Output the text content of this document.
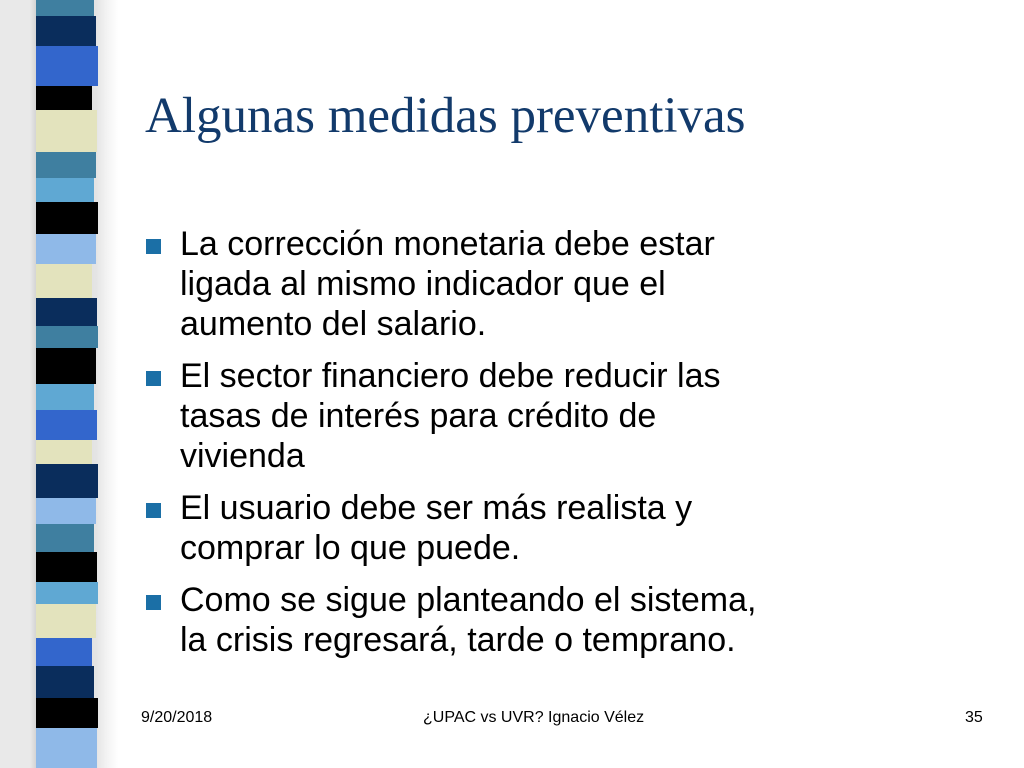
Algunas medidas preventivas
La corrección monetaria debe estar
ligada al mismo indicador que el
aumento del salario.
El sector financiero debe reducir las
tasas de interés para crédito de
vivienda
El usuario debe ser más realista y
comprar lo que puede.
Como se sigue planteando el sistema,
la crisis regresará, tarde o temprano.
9/20/2018	¿UPAC vs UVR? Ignacio Vélez	35
